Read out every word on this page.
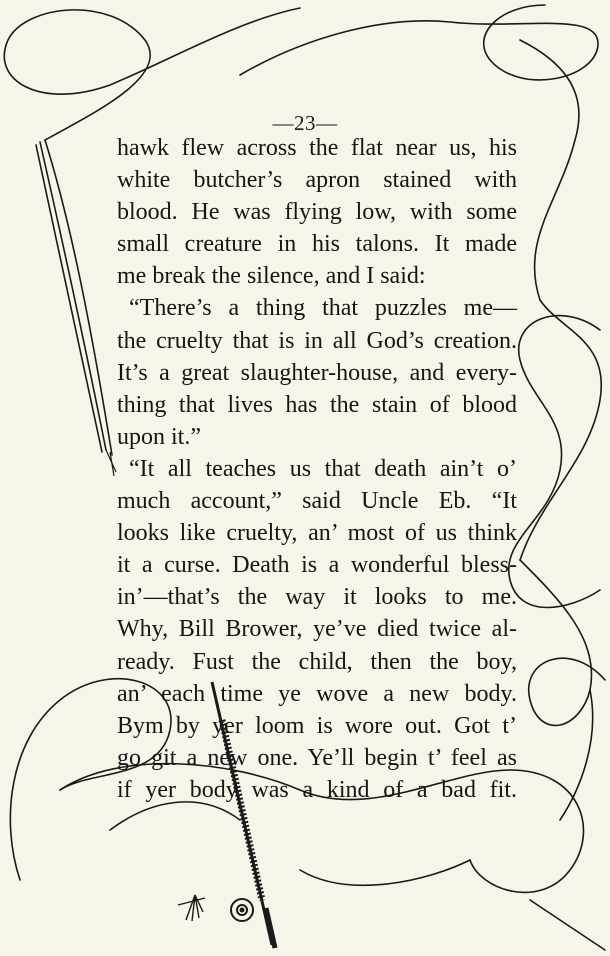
—23—
hawk flew across the flat near us, his
white butcher’s apron stained with
blood. He was flying low, with some
small creature in his talons. It made
me break the silence, and I said:
“There’s a thing that puzzles me—
the cruelty that is in all God’s creation.
It’s a great slaughter-house, and every-
thing that lives has the stain of blood
upon it.”
“It all teaches us that death ain’t o’
much account,” said Uncle Eb. “It
looks like cruelty, an’ most of us think
it a curse. Death is a wonderful bless-
in’—that’s the way it looks to me.
Why, Bill Brower, ye’ve died twice al-
ready. Fust the child, then the boy,
an’ each time ye wove a new body.
Bym by yer loom is wore out. Got t’
go git a new one. Ye’ll begin t’ feel as
if yer body was a kind of a bad fit.
